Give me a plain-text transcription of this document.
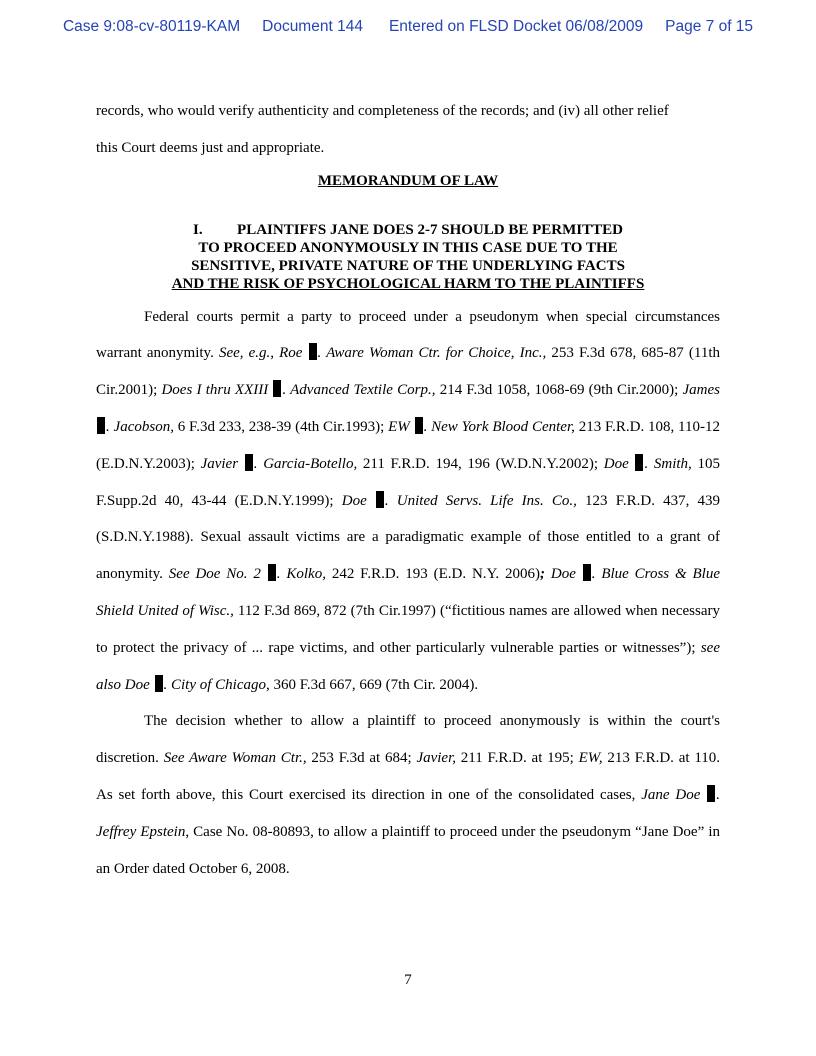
Case 9:08-cv-80119-KAM Document 144 Entered on FLSD Docket 06/08/2009 Page 7 of 15

records, who would verify authenticity and completeness of the records; and (iv) all other relief
this Court deems just and appropriate.

MEMORANDUM OF LAW

I. PLAINTIFFS JANE DOES 2-7 SHOULD BE PERMITTED
TO PROCEED ANONYMOUSLY IN THIS CASE DUE TO THE
SENSITIVE, PRIVATE NATURE OF THE UNDERLYING FACTS
AND THE RISK OF PSYCHOLOGICAL HARM TO THE PLAINTIFFS

Federal courts permit a party to proceed under a pseudonym when special circumstances warrant anonymity. See, e.g., Roe . Aware Woman Ctr. for Choice, Inc., 253 F.3d 678, 685-87 (11th Cir.2001); Does I thru XXIII . Advanced Textile Corp., 214 F.3d 1058, 1068-69 (9th Cir.2000); James . Jacobson, 6 F.3d 233, 238-39 (4th Cir.1993); EW . New York Blood Center, 213 F.R.D. 108, 110-12 (E.D.N.Y.2003); Javier . Garcia-Botello, 211 F.R.D. 194, 196 (W.D.N.Y.2002); Doe . Smith, 105 F.Supp.2d 40, 43-44 (E.D.N.Y.1999); Doe . United Servs. Life Ins. Co., 123 F.R.D. 437, 439 (S.D.N.Y.1988). Sexual assault victims are a paradigmatic example of those entitled to a grant of anonymity. See Doe No. 2 . Kolko, 242 F.R.D. 193 (E.D. N.Y. 2006); Doe . Blue Cross & Blue Shield United of Wisc., 112 F.3d 869, 872 (7th Cir.1997) (“fictitious names are allowed when necessary to protect the privacy of ... rape victims, and other particularly vulnerable parties or witnesses”); see also Doe . City of Chicago, 360 F.3d 667, 669 (7th Cir. 2004).

The decision whether to allow a plaintiff to proceed anonymously is within the court's discretion. See Aware Woman Ctr., 253 F.3d at 684; Javier, 211 F.R.D. at 195; EW, 213 F.R.D. at 110. As set forth above, this Court exercised its direction in one of the consolidated cases, Jane Doe . Jeffrey Epstein, Case No. 08-80893, to allow a plaintiff to proceed under the pseudonym “Jane Doe” in an Order dated October 6, 2008.

7
